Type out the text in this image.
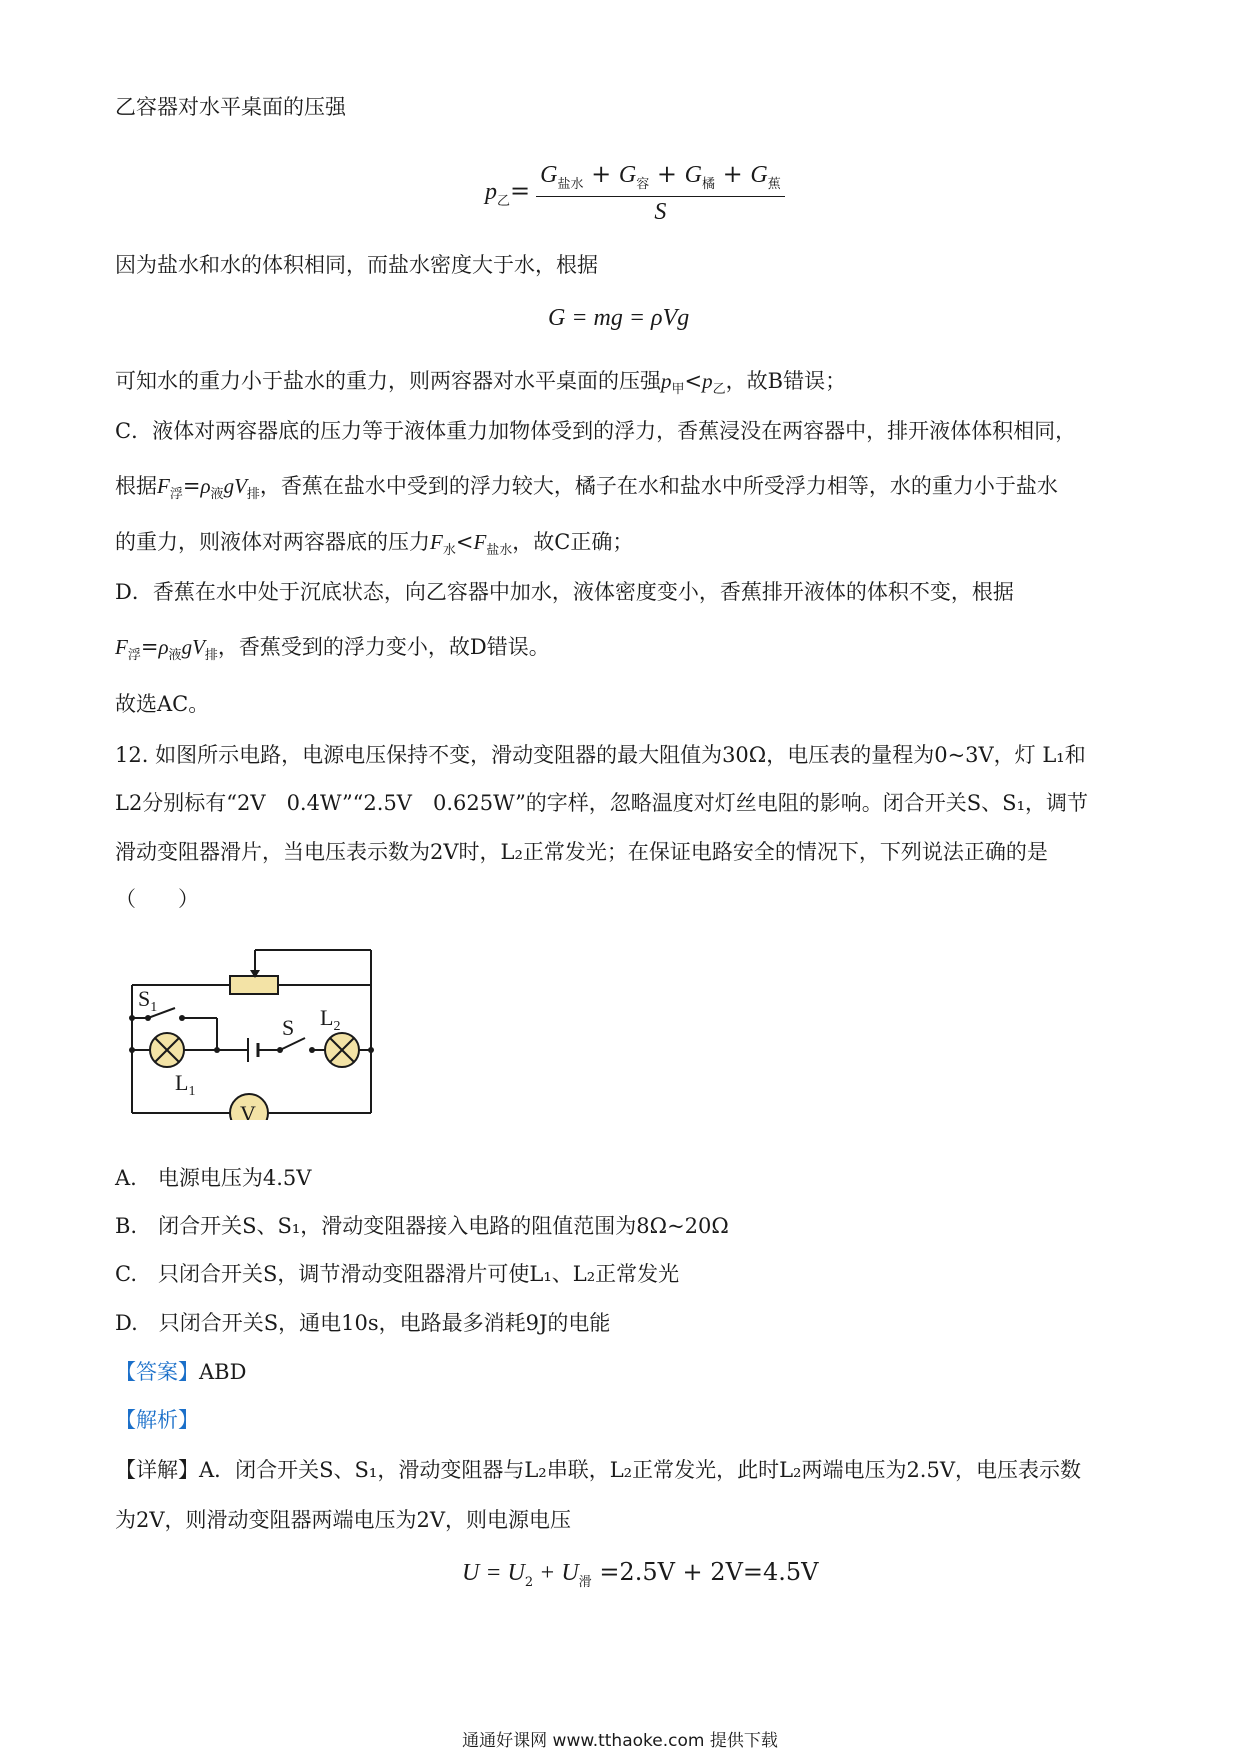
乙容器对水平桌面的压强
$p_乙= \frac{G_{盐水} + G_容 + G_橘 + G_蕉}{S}$
因为盐水和水的体积相同，而盐水密度大于水，根据
G = mg = ρVg
可知水的重力小于盐水的重力，则两容器对水平桌面的压强$p_甲<p_乙$，故B错误；
C．液体对两容器底的压力等于液体重力加物体受到的浮力，香蕉浸没在两容器中，排开液体体积相同，
根据$F_浮=\rho_液gV_排$，香蕉在盐水中受到的浮力较大，橘子在水和盐水中所受浮力相等，水的重力小于盐水
的重力，则液体对两容器底的压力$F_水<F_{盐水}$，故C正确；
D．香蕉在水中处于沉底状态，向乙容器中加水，液体密度变小，香蕉排开液体的体积不变，根据
$F_浮=\rho_液gV_排$，香蕉受到的浮力变小，故D错误。
故选AC。
12. 如图所示电路，电源电压保持不变，滑动变阻器的最大阻值为30Ω，电压表的量程为0~3V，灯 L₁和
L2分别标有“2V　0.4W”“2.5V　0.625W”的字样，忽略温度对灯丝电阻的影响。闭合开关S、S₁，调节
滑动变阻器滑片，当电压表示数为2V时，L₂正常发光；在保证电路安全的情况下，下列说法正确的是
（　　）
$S_1$
S $L_2$
$L_1$
V
A.　电源电压为4.5V
B.　闭合开关S、S₁，滑动变阻器接入电路的阻值范围为8Ω~20Ω
C.　只闭合开关S，调节滑动变阻器滑片可使L₁、L₂正常发光
D.　只闭合开关S，通电10s，电路最多消耗9J的电能
【答案】ABD
【解析】
【详解】A．闭合开关S、S₁，滑动变阻器与L₂串联，L₂正常发光，此时L₂两端电压为2.5V，电压表示数
为2V，则滑动变阻器两端电压为2V，则电源电压
$U = U_2 + U_滑 =2.5V + 2V=4.5V$
通通好课网 www.tthaoke.com 提供下载
